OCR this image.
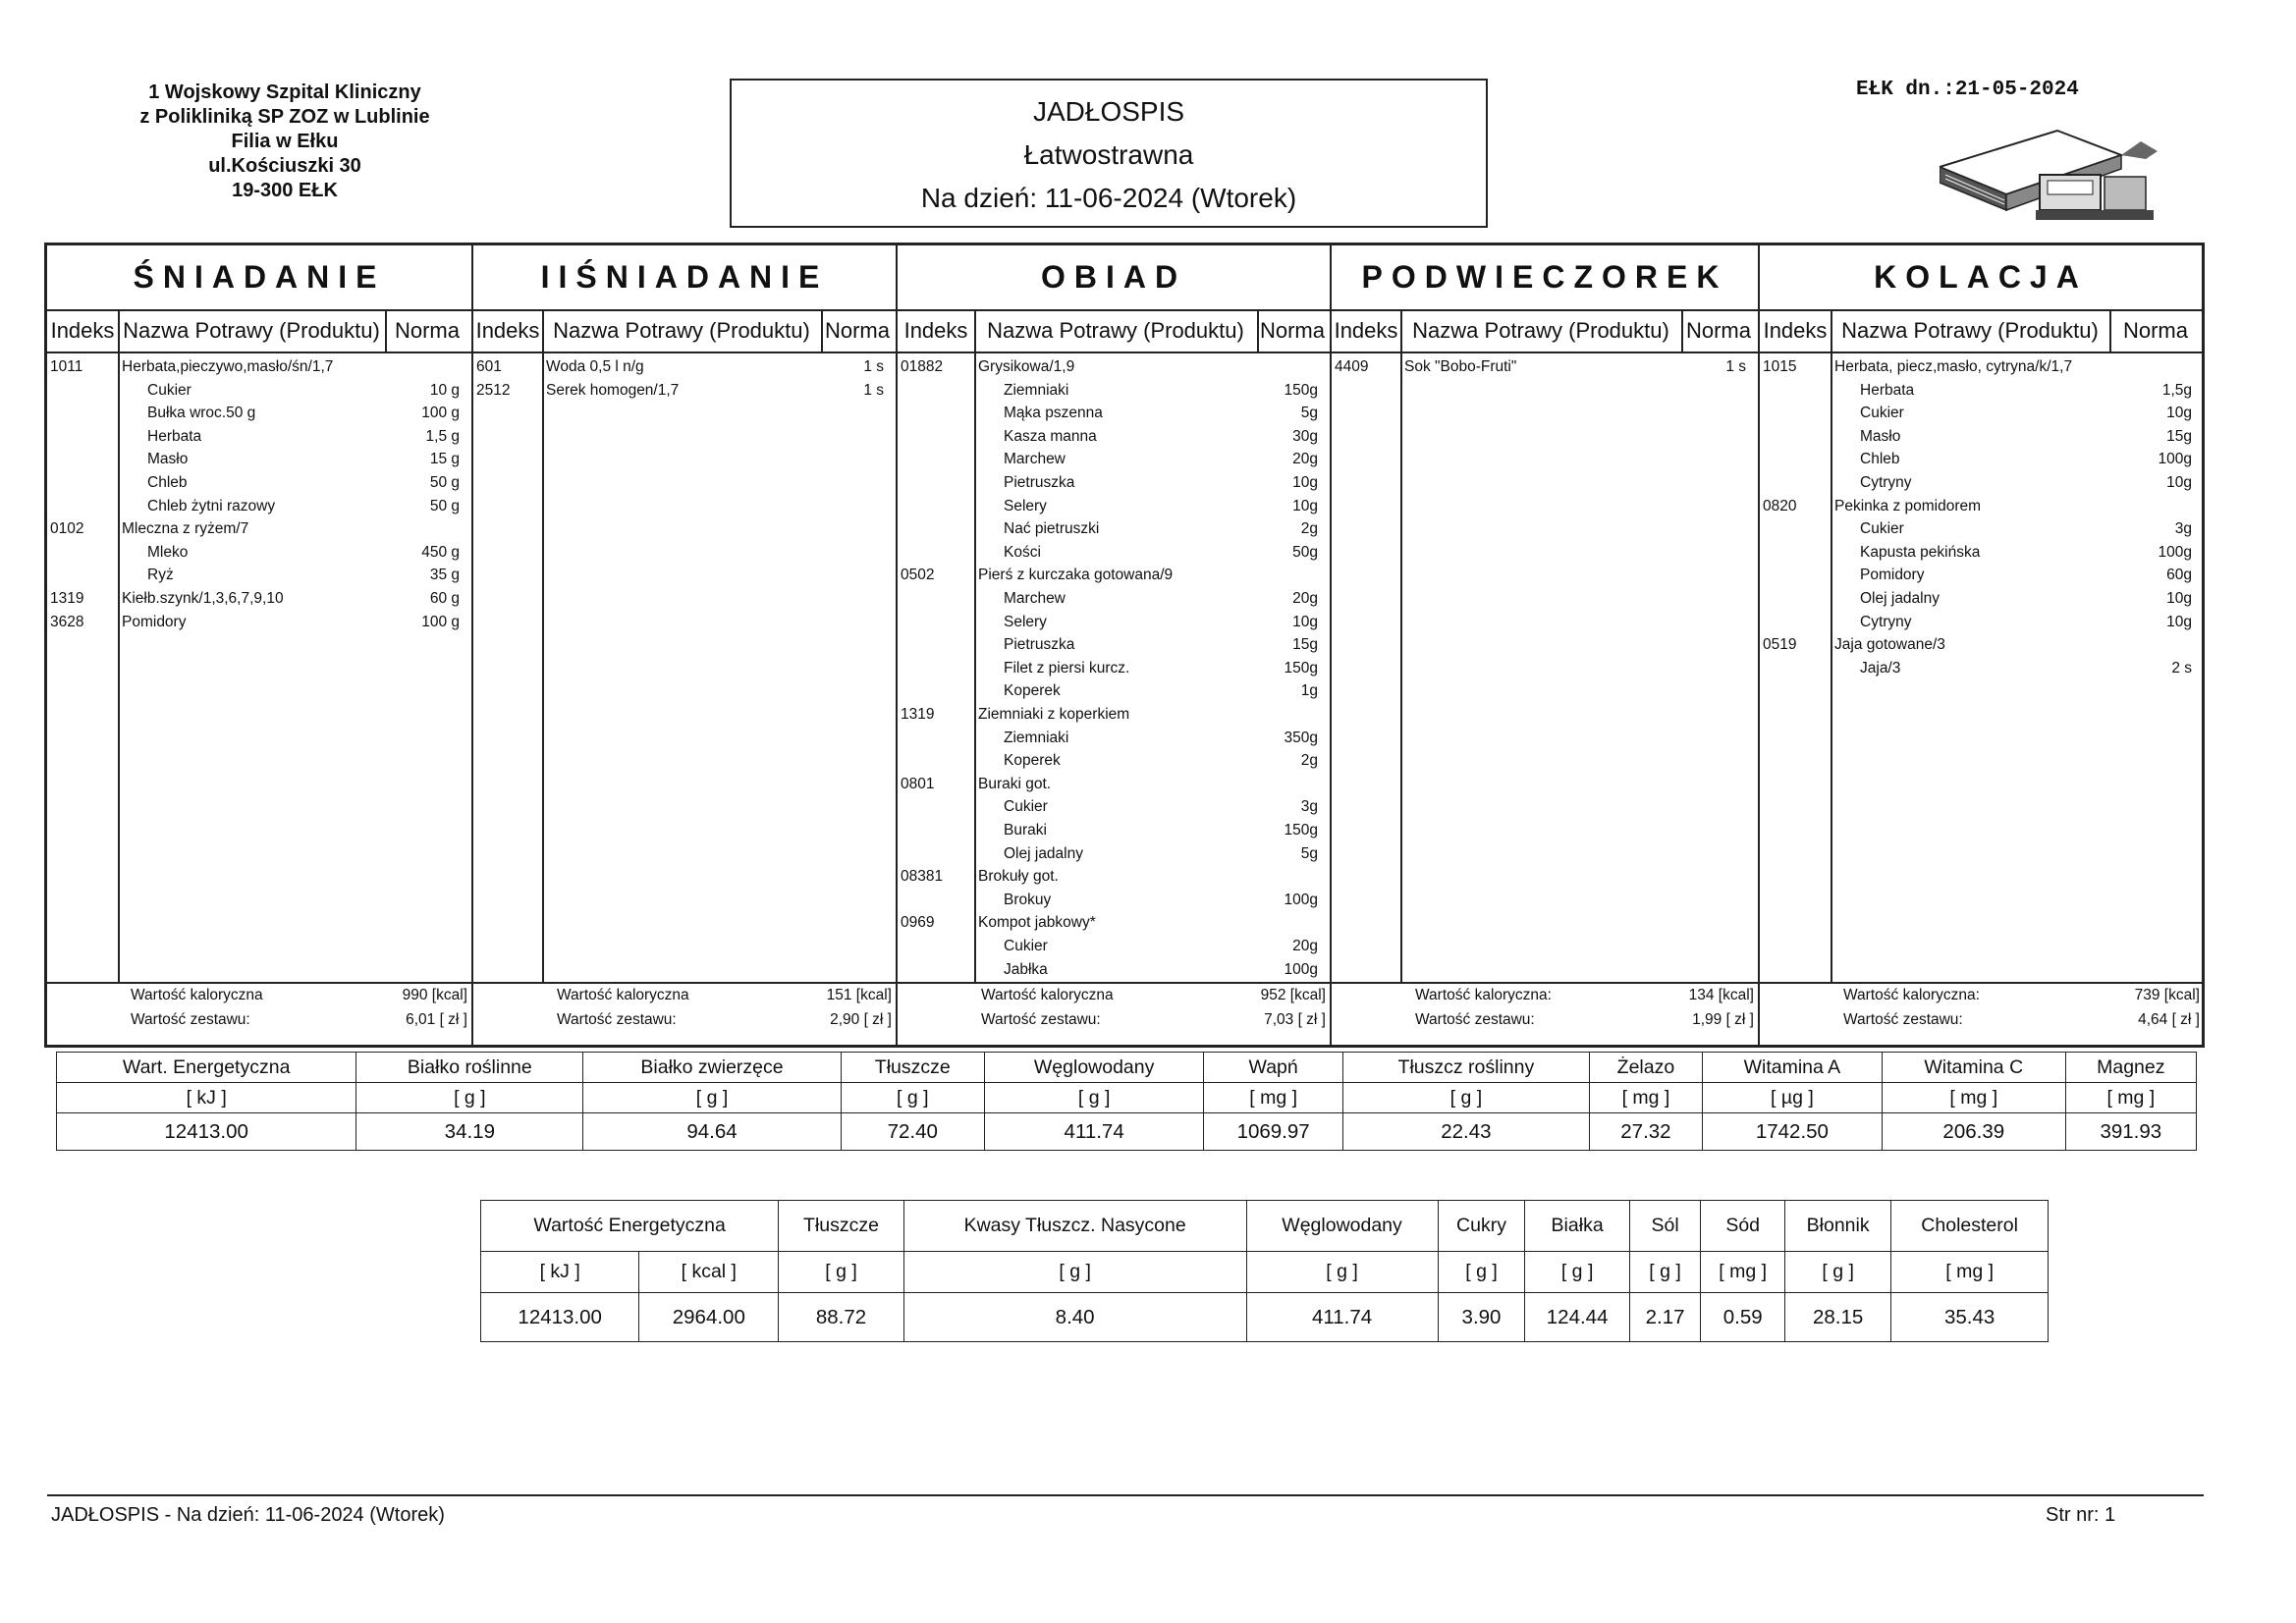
1 Wojskowy Szpital Kliniczny
z Polikliniką SP ZOZ w Lublinie
Filia w Ełku
ul.Kościuszki 30
19-300 EŁK
JADŁOSPIS
Łatwostrawna
Na dzień: 11-06-2024 (Wtorek)
EŁK dn.:21-05-2024
ŚNIADANIE	IIŚNIADANIE	OBIAD	PODWIECZOREK	KOLACJA
Indeks Nazwa Potrawy (Produktu) Norma
1011	Herbata,pieczywo,masło/śn/1,7
Cukier	10 g
Bułka wroc.50 g	100 g
Herbata	1,5 g
Masło	15 g
Chleb	50 g
Chleb żytni razowy	50 g
0102 Mleczna z ryżem/7
Mleko	450 g
Ryż	35 g
1319 Kiełb.szynk/1,3,6,7,9,10	60 g
3628 Pomidory	100 g
Wartość kaloryczna	990 [kcal]
Wartość zestawu:	6,01 [ zł ]
Indeks Nazwa Potrawy (Produktu) Norma
601	Woda 0,5 l n/g	1 s
2512 Serek homogen/1,7	1 s
Wartość kaloryczna	151 [kcal]
Wartość zestawu:	2,90 [ zł ]
Indeks Nazwa Potrawy (Produktu) Norma
01882 Grysikowa/1,9
Ziemniaki	150g
Mąka pszenna	5g
Kasza manna	30g
Marchew	20g
Pietruszka	10g
Selery	10g
Nać pietruszki	2g
Kości	50g
0502	Pierś z kurczaka gotowana/9
Marchew	20g
Selery	10g
Pietruszka	15g
Filet z piersi kurcz.	150g
Koperek	1g
1319	Ziemniaki z koperkiem
Ziemniaki	350g
Koperek	2g
0801	Buraki got.
Cukier	3g
Buraki	150g
Olej jadalny	5g
08381 Brokuły got.
Brokuy	100g
0969	Kompot jabkowy*
Cukier	20g
Jabłka	100g
Wartość kaloryczna	952 [kcal]
Wartość zestawu:	7,03 [ zł ]
Indeks Nazwa Potrawy (Produktu) Norma
4409 Sok "Bobo-Fruti"	1 s
Wartość kaloryczna:	134 [kcal]
Wartość zestawu:	1,99 [ zł ]
Indeks Nazwa Potrawy (Produktu)	Norma
1015 Herbata, piecz,masło, cytryna/k/1,7
Herbata	1,5g
Cukier	10g
Masło	15g
Chleb	100g
Cytryny	10g
0820 Pekinka z pomidorem
Cukier	3g
Kapusta pekińska	100g
Pomidory	60g
Olej jadalny	10g
Cytryny	10g
0519 Jaja gotowane/3
Jaja/3	2 s
Wartość kaloryczna:	739 [kcal]
Wartość zestawu:	4,64 [ zł ]
Wart. Energetyczna	Białko roślinne	Białko zwierzęce	Tłuszcze	Węglowodany	Wapń	Tłuszcz roślinny	Żelazo	Witamina A	Witamina C	Magnez
[ kJ ]	[ g ]	[ g ]	[ g ]	[ g ]	[ mg ]	[ g ]	[ mg ]	[ µg ]	[ mg ]	[ mg ]
12413.00	34.19	94.64	72.40	411.74	1069.97	22.43	27.32	1742.50	206.39	391.93
Wartość Energetyczna		Tłuszcze	Kwasy Tłuszcz. Nasycone	Węglowodany	Cukry	Białka	Sól	Sód	Błonnik	Cholesterol
[ kJ ]	[ kcal ]	[ g ]	[ g ]	[ g ]	[ g ]	[ g ]	[ g ]	[ mg ]	[ g ]	[ mg ]
12413.00	2964.00	88.72	8.40	411.74	3.90	124.44	2.17	0.59	28.15	35.43
JADŁOSPIS - Na dzień: 11-06-2024 (Wtorek)	Str nr: 1
